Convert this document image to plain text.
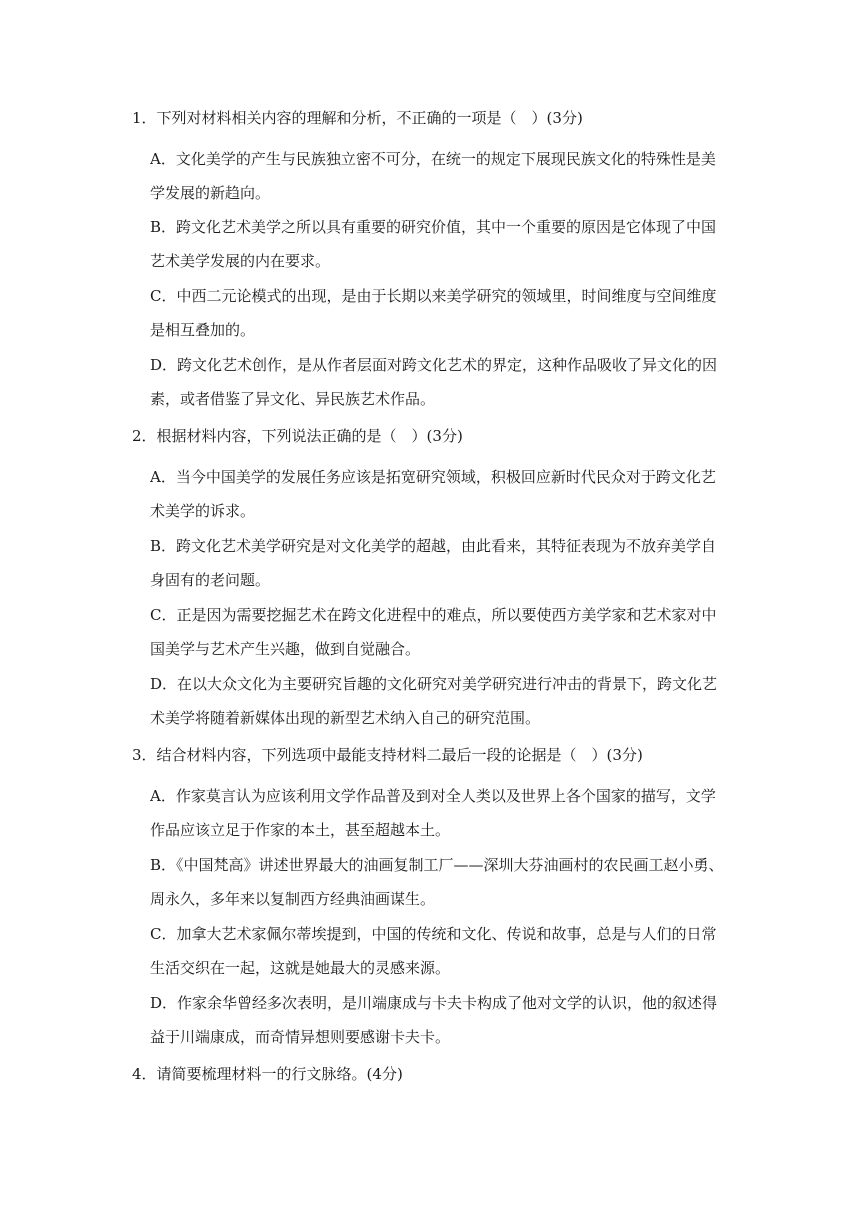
1．下列对材料相关内容的理解和分析，不正确的一项是（　）(3分)
A．文化美学的产生与民族独立密不可分，在统一的规定下展现民族文化的特殊性是美
学发展的新趋向。
B．跨文化艺术美学之所以具有重要的研究价值，其中一个重要的原因是它体现了中国
艺术美学发展的内在要求。
C．中西二元论模式的出现，是由于长期以来美学研究的领域里，时间维度与空间维度
是相互叠加的。
D．跨文化艺术创作，是从作者层面对跨文化艺术的界定，这种作品吸收了异文化的因
素，或者借鉴了异文化、异民族艺术作品。
2．根据材料内容，下列说法正确的是（　）(3分)
A．当今中国美学的发展任务应该是拓宽研究领域，积极回应新时代民众对于跨文化艺
术美学的诉求。
B．跨文化艺术美学研究是对文化美学的超越，由此看来，其特征表现为不放弃美学自
身固有的老问题。
C．正是因为需要挖掘艺术在跨文化进程中的难点，所以要使西方美学家和艺术家对中
国美学与艺术产生兴趣，做到自觉融合。
D．在以大众文化为主要研究旨趣的文化研究对美学研究进行冲击的背景下，跨文化艺
术美学将随着新媒体出现的新型艺术纳入自己的研究范围。
3．结合材料内容，下列选项中最能支持材料二最后一段的论据是（　）(3分)
A．作家莫言认为应该利用文学作品普及到对全人类以及世界上各个国家的描写，文学
作品应该立足于作家的本土，甚至超越本土。
B．《中国梵高》讲述世界最大的油画复制工厂——深圳大芬油画村的农民画工赵小勇、
周永久，多年来以复制西方经典油画谋生。
C．加拿大艺术家佩尔蒂埃提到，中国的传统和文化、传说和故事，总是与人们的日常
生活交织在一起，这就是她最大的灵感来源。
D．作家余华曾经多次表明，是川端康成与卡夫卡构成了他对文学的认识，他的叙述得
益于川端康成，而奇情异想则要感谢卡夫卡。
4．请简要梳理材料一的行文脉络。(4分)
